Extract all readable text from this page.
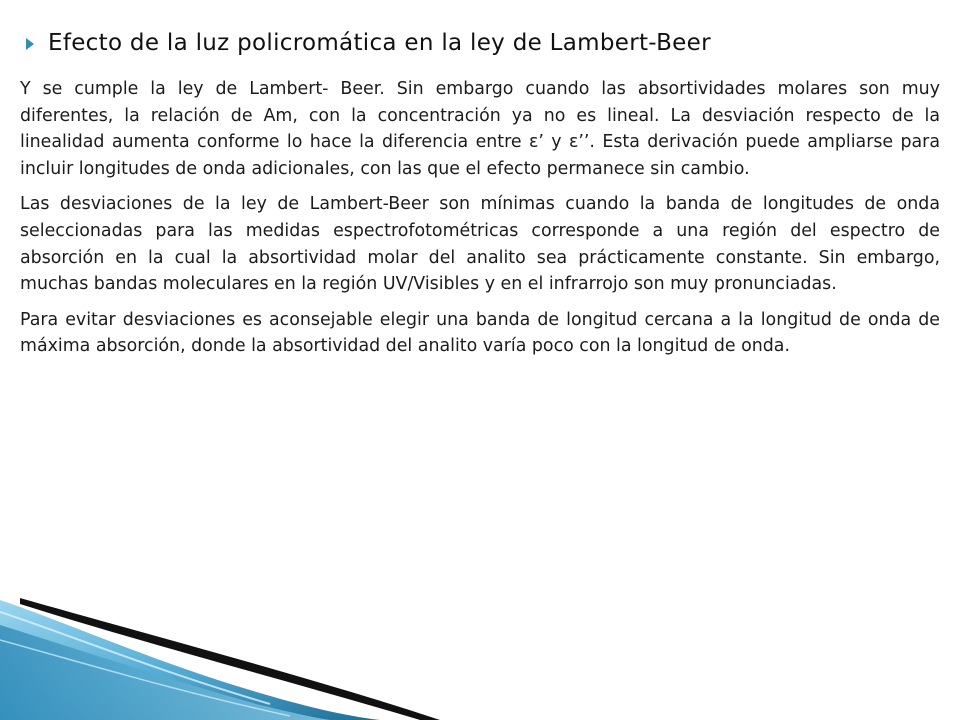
Efecto de la luz policromática en la ley de Lambert-Beer

Y se cumple la ley de Lambert- Beer. Sin embargo cuando las absortividades molares son muy diferentes, la relación de Am, con la concentración ya no es lineal. La desviación respecto de la linealidad aumenta conforme lo hace la diferencia entre ε’ y ε’’. Esta derivación puede ampliarse para incluir longitudes de onda adicionales, con las que el efecto permanece sin cambio.

Las desviaciones de la ley de Lambert-Beer son mínimas cuando la banda de longitudes de onda seleccionadas para las medidas espectrofotométricas corresponde a una región del espectro de absorción en la cual la absortividad molar del analito sea prácticamente constante. Sin embargo, muchas bandas moleculares en la región UV/Visibles y en el infrarrojo son muy pronunciadas.

Para evitar desviaciones es aconsejable elegir una banda de longitud cercana a la longitud de onda de máxima absorción, donde la absortividad del analito varía poco con la longitud de onda.
